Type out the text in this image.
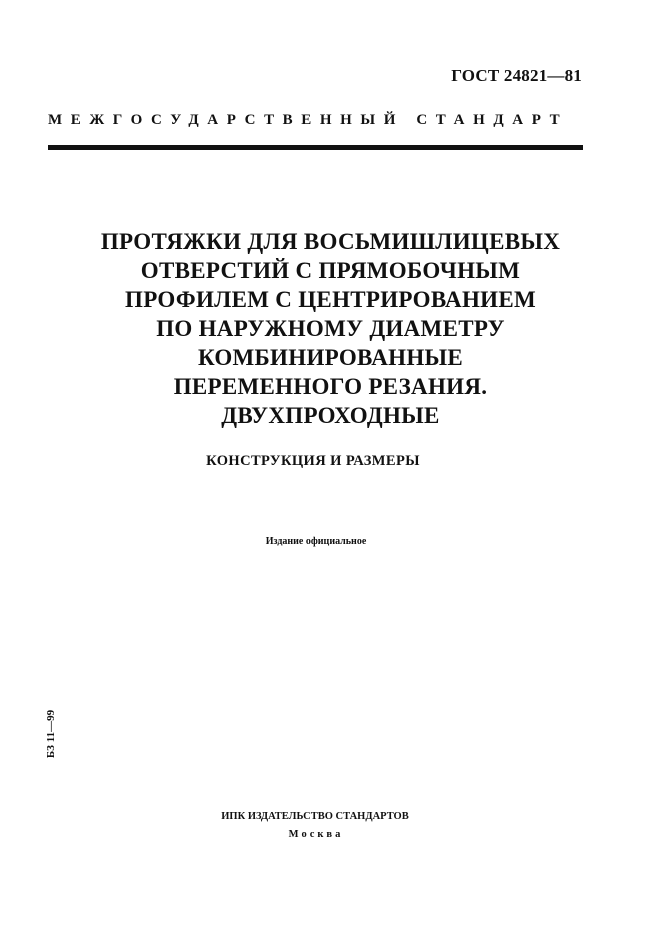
ГОСТ 24821—81
МЕЖГОСУДАРСТВЕННЫЙ СТАНДАРТ
ПРОТЯЖКИ ДЛЯ ВОСЬМИШЛИЦЕВЫХ
ОТВЕРСТИЙ С ПРЯМОБОЧНЫМ
ПРОФИЛЕМ С ЦЕНТРИРОВАНИЕМ
ПО НАРУЖНОМУ ДИАМЕТРУ
КОМБИНИРОВАННЫЕ
ПЕРЕМЕННОГО РЕЗАНИЯ.
ДВУХПРОХОДНЫЕ
КОНСТРУКЦИЯ И РАЗМЕРЫ
Издание официальное
БЗ 11—99
ИПК ИЗДАТЕЛЬСТВО СТАНДАРТОВ
Москва
